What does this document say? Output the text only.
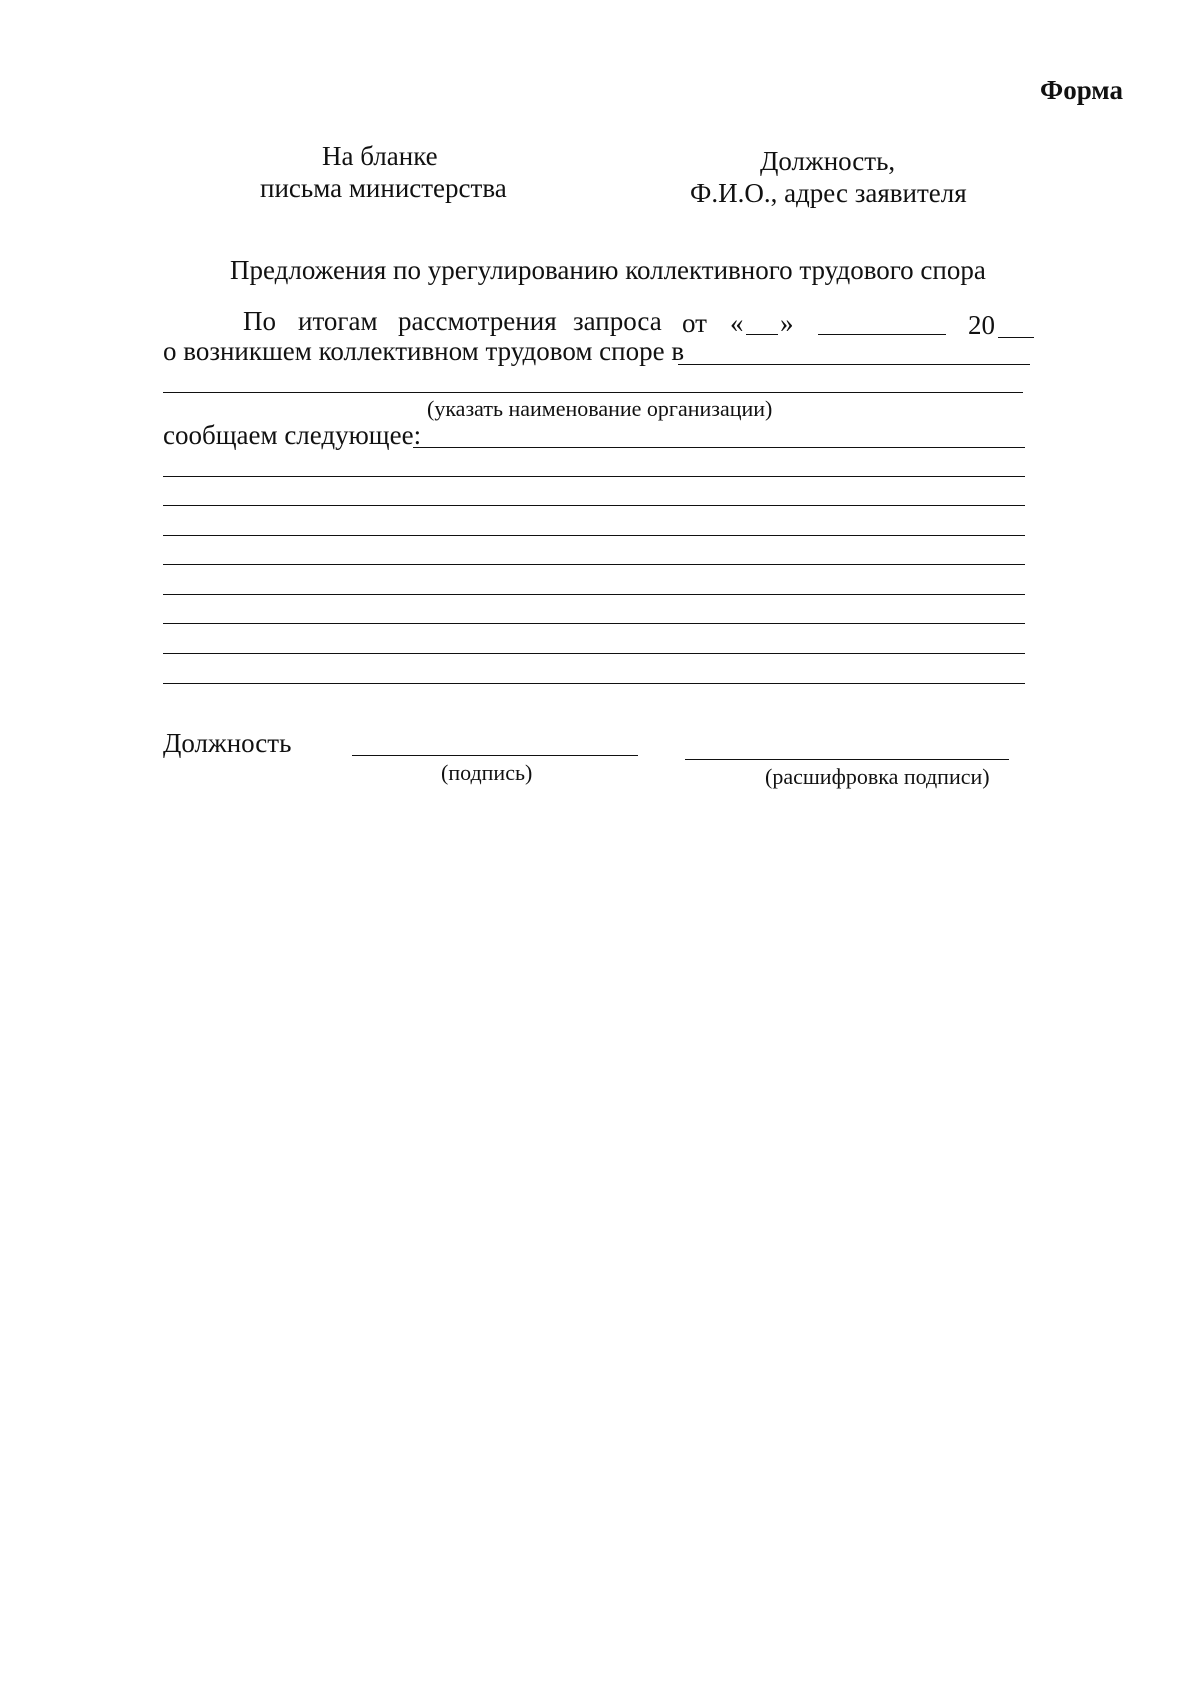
Форма
На бланке
письма министерства
Должность,
Ф.И.О., адрес заявителя
Предложения по урегулированию коллективного трудового спора
По итогам рассмотрения запроса от « »	20
о возникшем коллективном трудовом споре в
(указать наименование организации)
сообщаем следующее:
Должность
(подпись)	(расшифровка подписи)
